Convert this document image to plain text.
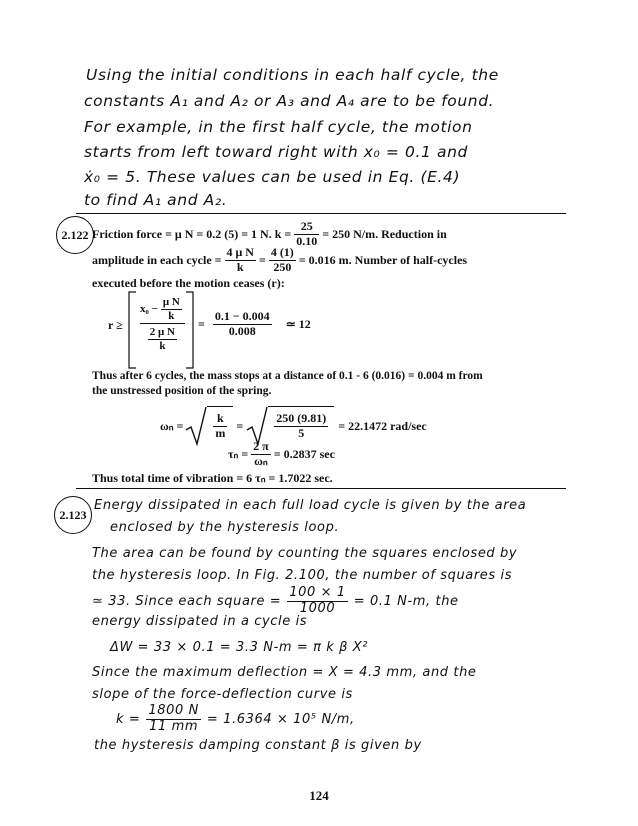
Using the initial conditions in each half cycle, the
constants A₁ and A₂ or A₃ and A₄ are to be found.
For example, in the first half cycle, the motion
starts from left toward right with x₀ = 0.1 and
ẋ₀ = 5. These values can be used in Eq. (E.4)
to find A₁ and A₂.
2.122 Friction force = μ N = 0.2 (5) = 1 N. $k = \frac{25}{0.10} = 250$ N/m. Reduction in
amplitude in each cycle = $\frac{\text{4 μ N}}{k} = \frac{4 (1)}{250} = 0.016$ m. Number of half-cycles
executed before the motion ceases (r):
r ≥
$x_0 - \frac{\text{μ N}}{k}$
$\frac{\text{2 μ N}}{k}$
= $\frac{0.1 - 0.004}{0.008}$ ≃ 12
Thus after 6 cycles, the mass stops at a distance of 0.1 - 6 (0.016) = 0.004 m from
the unstressed position of the spring.
ωₙ =	$\frac{k}{m}$ =	$\frac{250 (9.81)}{5} = 22.1472$ rad/sec
$\tau_n = \frac{2 \pi}{\text{ωₙ}} = 0.2837$ sec
Thus total time of vibration = 6 τₙ = 1.7022 sec.
2.123
Energy dissipated in each full load cycle is given by the area
enclosed by the hysteresis loop.
The area can be found by counting the squares enclosed by
the hysteresis loop. In Fig. 2.100, the number of squares is
≃ 33. Since each square = $\frac{100 \times 1}{1000} = 0.1$ N-m, the
energy dissipated in a cycle is
ΔW = 33 × 0.1 = 3.3 N-m = π k β X²
Since the maximum deflection = X = 4.3 mm, and the
slope of the force-deflection curve is
$k = \frac{1800 N}{11 mm} = 1.6364 \times 10^5$ N/m,
the hysteresis damping constant β is given by
124
